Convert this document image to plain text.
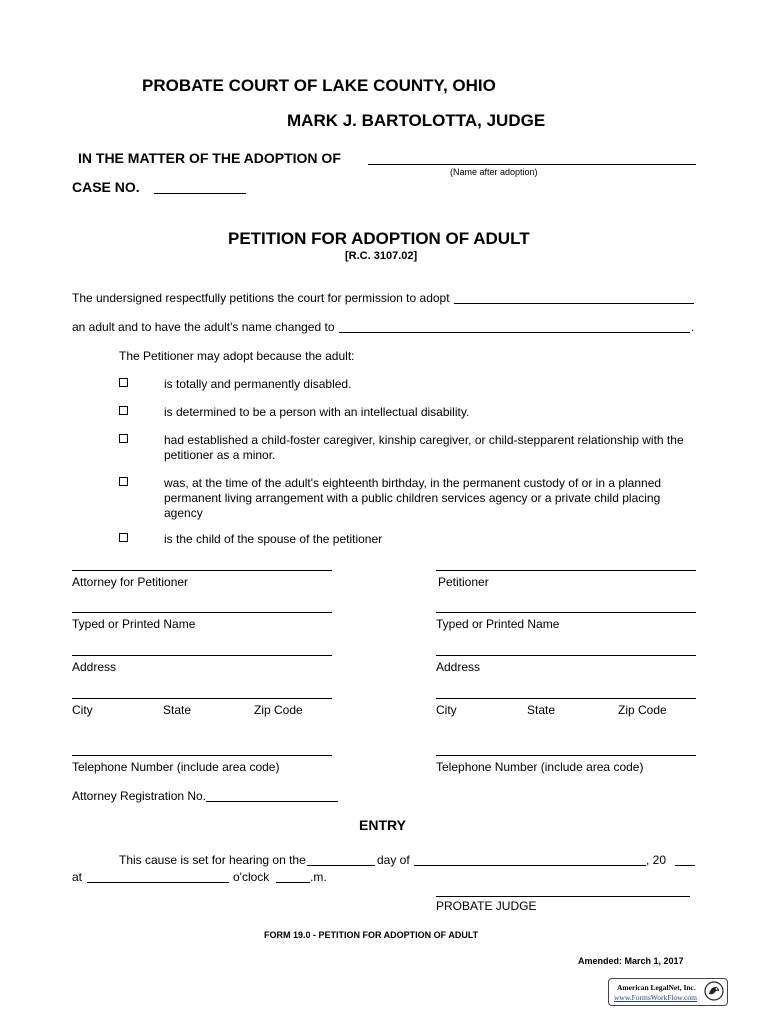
PROBATE COURT OF LAKE COUNTY, OHIO
MARK J. BARTOLOTTA, JUDGE
IN THE MATTER OF THE ADOPTION OF
(Name after adoption)
CASE NO.
PETITION FOR ADOPTION OF ADULT
[R.C. 3107.02]
The undersigned respectfully petitions the court for permission to adopt
an adult and to have the adult's name changed to	.
The Petitioner may adopt because the adult:
is totally and permanently disabled.
is determined to be a person with an intellectual disability.
had established a child-foster caregiver, kinship caregiver, or child-stepparent relationship with the petitioner as a minor.
was, at the time of the adult's eighteenth birthday, in the permanent custody of or in a planned permanent living arrangement with a public children services agency or a private child placing agency
is the child of the spouse of the petitioner
Attorney for Petitioner
Typed or Printed Name
Address
City	State	Zip Code
Telephone Number (include area code)
Petitioner
Typed or Printed Name
Address
City	State	Zip Code
Telephone Number (include area code)
Attorney Registration No.
ENTRY
This cause is set for hearing on the	day of	, 20
at	o'clock	.m.
PROBATE JUDGE
FORM 19.0 - PETITION FOR ADOPTION OF ADULT
Amended: March 1, 2017
American LegalNet, Inc.
www.FormsWorkFlow.com
